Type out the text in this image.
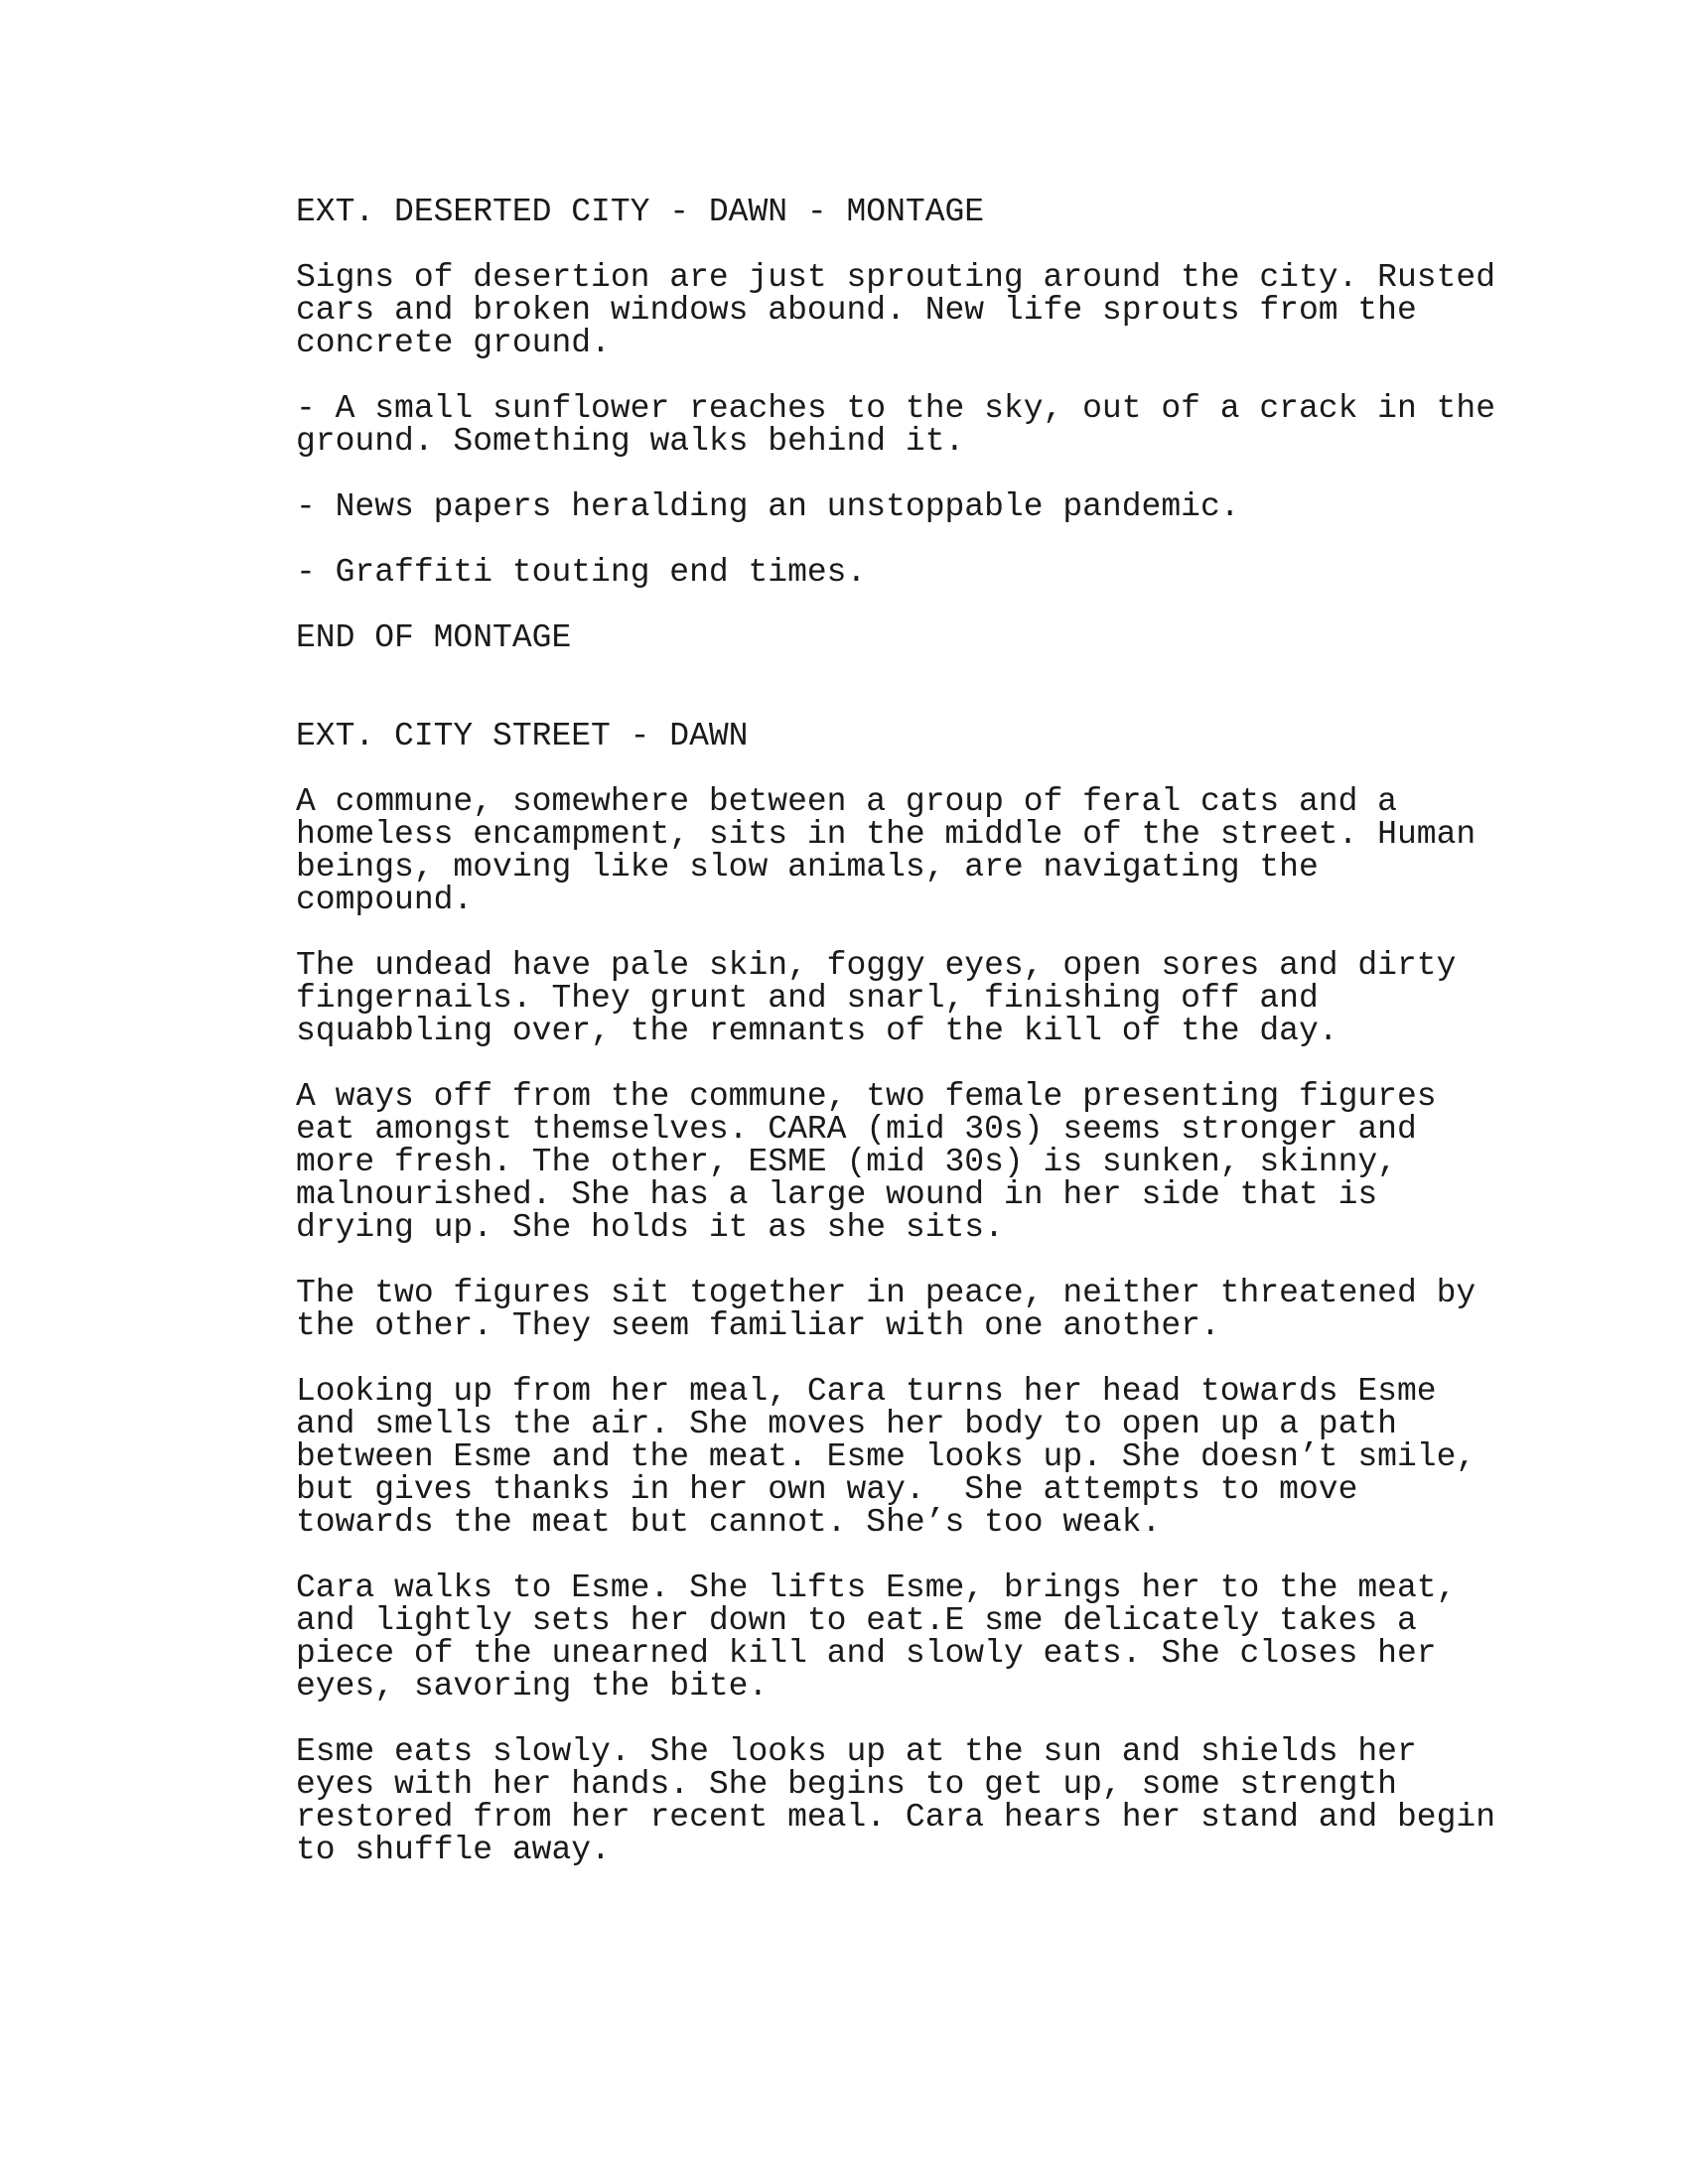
EXT. DESERTED CITY - DAWN - MONTAGE

Signs of desertion are just sprouting around the city. Rusted

cars and broken windows abound. New life sprouts from the

concrete ground.

- A small sunflower reaches to the sky, out of a crack in the

ground. Something walks behind it.

- News papers heralding an unstoppable pandemic.

- Graffiti touting end times.

END OF MONTAGE

EXT. CITY STREET - DAWN

A commune, somewhere between a group of feral cats and a

homeless encampment, sits in the middle of the street. Human

beings, moving like slow animals, are navigating the

compound.

The undead have pale skin, foggy eyes, open sores and dirty

fingernails. They grunt and snarl, finishing off and

squabbling over, the remnants of the kill of the day.

A ways off from the commune, two female presenting figures

eat amongst themselves. CARA (mid 30s) seems stronger and

more fresh. The other, ESME (mid 30s) is sunken, skinny,

malnourished. She has a large wound in her side that is

drying up. She holds it as she sits.

The two figures sit together in peace, neither threatened by

the other. They seem familiar with one another.

Looking up from her meal, Cara turns her head towards Esme

and smells the air. She moves her body to open up a path

between Esme and the meat. Esme looks up. She doesn’t smile,

but gives thanks in her own way.  She attempts to move

towards the meat but cannot. She’s too weak.

Cara walks to Esme. She lifts Esme, brings her to the meat,

and lightly sets her down to eat.E sme delicately takes a

piece of the unearned kill and slowly eats. She closes her

eyes, savoring the bite.

Esme eats slowly. She looks up at the sun and shields her

eyes with her hands. She begins to get up, some strength

restored from her recent meal. Cara hears her stand and begin

to shuffle away.
